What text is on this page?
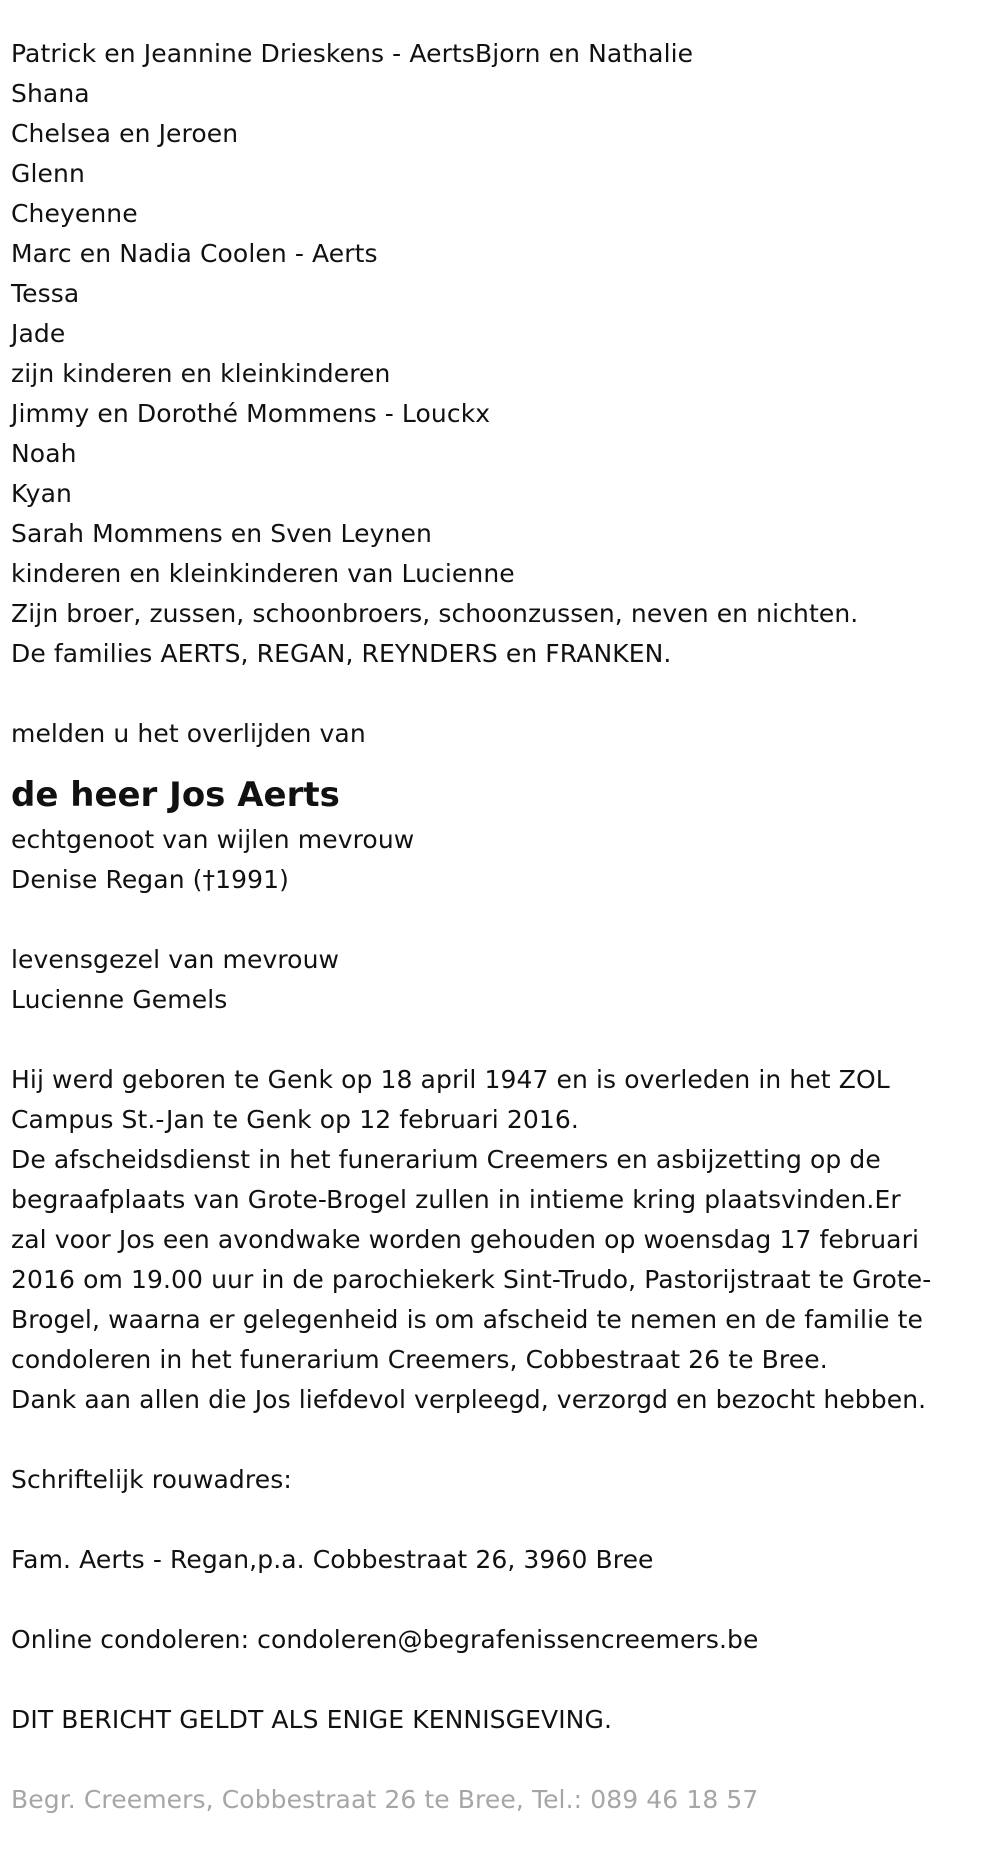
Patrick en Jeannine Drieskens - AertsBjorn en Nathalie
Shana
Chelsea en Jeroen
Glenn
Cheyenne
Marc en Nadia Coolen - Aerts
Tessa
Jade
zijn kinderen en kleinkinderen
Jimmy en Dorothé Mommens - Louckx
Noah
Kyan
Sarah Mommens en Sven Leynen
kinderen en kleinkinderen van Lucienne
Zijn broer, zussen, schoonbroers, schoonzussen, neven en nichten.
De families AERTS, REGAN, REYNDERS en FRANKEN.
melden u het overlijden van
de heer Jos Aerts
echtgenoot van wijlen mevrouw
Denise Regan (†1991)
levensgezel van mevrouw
Lucienne Gemels
Hij werd geboren te Genk op 18 april 1947 en is overleden in het ZOL
Campus St.-Jan te Genk op 12 februari 2016.
De afscheidsdienst in het funerarium Creemers en asbijzetting op de
begraafplaats van Grote-Brogel zullen in intieme kring plaatsvinden.Er
zal voor Jos een avondwake worden gehouden op woensdag 17 februari
2016 om 19.00 uur in de parochiekerk Sint-Trudo, Pastorijstraat te Grote-
Brogel, waarna er gelegenheid is om afscheid te nemen en de familie te
condoleren in het funerarium Creemers, Cobbestraat 26 te Bree.
Dank aan allen die Jos liefdevol verpleegd, verzorgd en bezocht hebben.
Schriftelijk rouwadres:
Fam. Aerts - Regan,p.a. Cobbestraat 26, 3960 Bree
Online condoleren: condoleren@begrafenissencreemers.be
DIT BERICHT GELDT ALS ENIGE KENNISGEVING.
Begr. Creemers, Cobbestraat 26 te Bree, Tel.: 089 46 18 57
